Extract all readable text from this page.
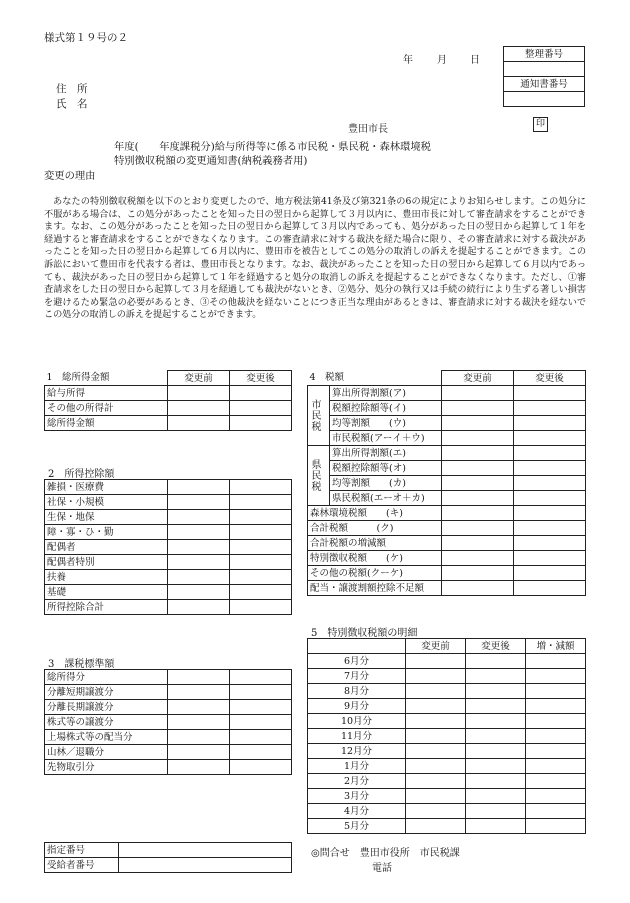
様式第１９号の２
年 月 日
整理番号

通知書番号

住　所
氏　名
豊田市長	印
年度(　　年度課税分)給与所得等に係る市民税・県民税・森林環境税
特別徴収税額の変更通知書(納税義務者用)
変更の理由
あなたの特別徴収税額を以下のとおり変更したので、地方税法第41条及び第321条の6の規定によりお知らせします。この処分に不服がある場合は、この処分があったことを知った日の翌日から起算して３月以内に、豊田市長に対して審査請求をすることができます。なお、この処分があったことを知った日の翌日から起算して３月以内であっても、処分があった日の翌日から起算して１年を経過すると審査請求をすることができなくなります。この審査請求に対する裁決を経た場合に限り、その審査請求に対する裁決があったことを知った日の翌日から起算して６月以内に、豊田市を被告としてこの処分の取消しの訴えを提起することができます。この訴訟において豊田市を代表する者は、豊田市長となります。なお、裁決があったことを知った日の翌日から起算して６月以内であっても、裁決があった日の翌日から起算して１年を経過すると処分の取消しの訴えを提起することができなくなります。ただし、①審査請求をした日の翌日から起算して３月を経過しても裁決がないとき、②処分、処分の執行又は手続の続行により生ずる著しい損害を避けるため緊急の必要があるとき、③その他裁決を経ないことにつき正当な理由があるときは、審査請求に対する裁決を経ないでこの処分の取消しの訴えを提起することができます。
1　総所得金額	変更前	変更後
給与所得		
その他の所得計		
総所得金額		
2　所得控除額
雑損・医療費		
社保・小規模		
生保・地保		
障・寡・ひ・勤		
配偶者		
配偶者特別		
扶養		
基礎		
所得控除合計		
3　課税標準額
総所得分		
分離短期譲渡分		
分離長期譲渡分		
株式等の譲渡分		
上場株式等の配当分		
山林／退職分		
先物取引分		
4　税額		変更前	変更後

市民税	算出所得割額(ア)		
	税額控除額等(イ)		
	均等割額　　(ウ)		
	市民税額(アーイ＋ウ)		

県民税	算出所得割額(エ)		
	税額控除額等(オ)		
	均等割額　　(カ)		
	県民税額(エーオ＋カ)		
森林環境税額　　(キ)			
合計税額　　　(ク)			
合計税額の増減額			
特別徴収税額　　(ケ)			
その他の税額(クーケ)			
配当・譲渡割額控除不足額			
5　特別徴収税額の明細
	変更前	変更後	増・減額
6月分			
7月分			
8月分			
9月分			
10月分			
11月分			
12月分			
1月分			
2月分			
3月分			
4月分			
5月分			
指定番号	
受給者番号	
◎問合せ　豊田市役所　市民税課
電話
